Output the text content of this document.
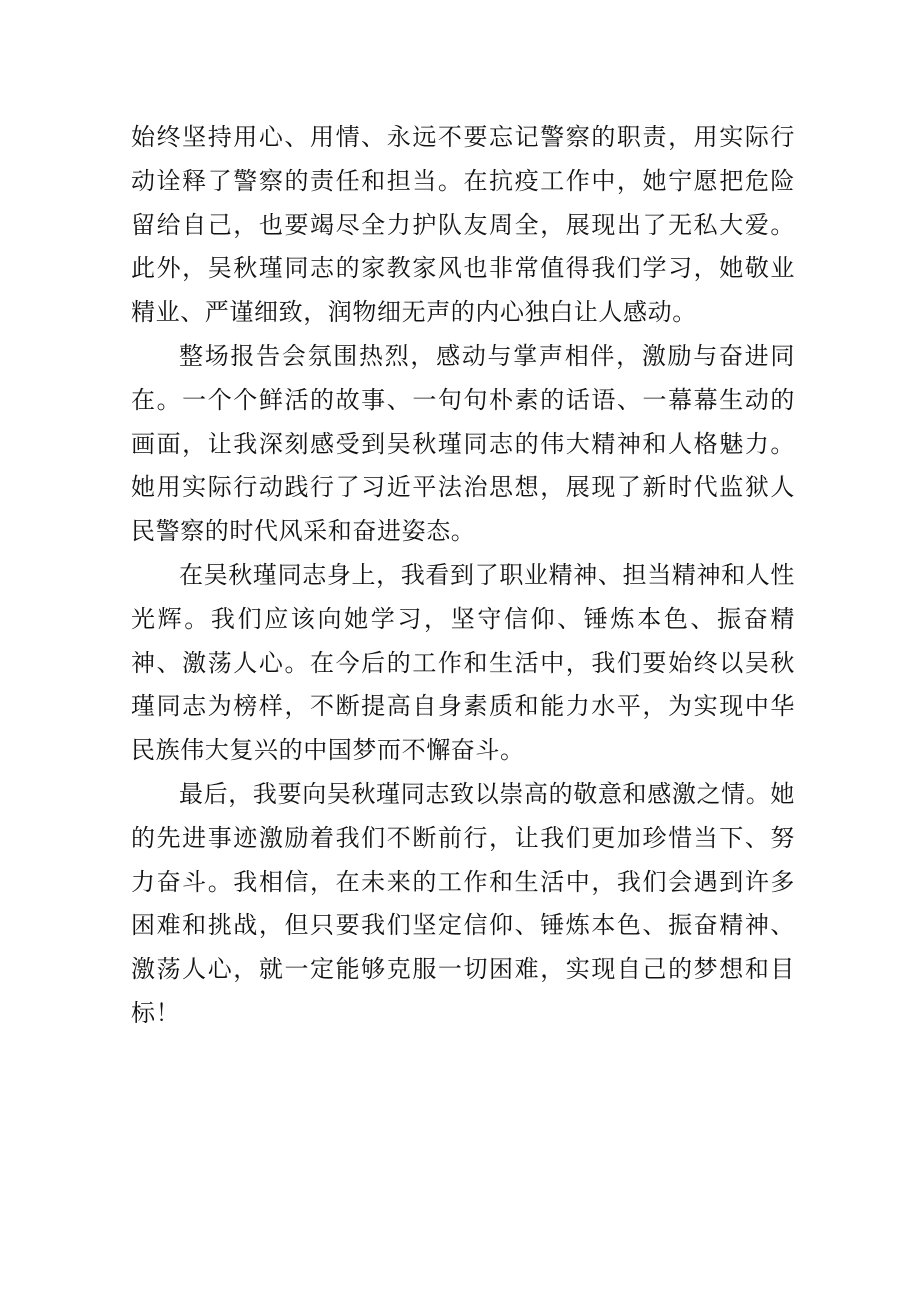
始终坚持用心、用情、永远不要忘记警察的职责，用实际行动诠释了警察的责任和担当。在抗疫工作中，她宁愿把危险留给自己，也要竭尽全力护队友周全，展现出了无私大爱。此外，吴秋瑾同志的家教家风也非常值得我们学习，她敬业精业、严谨细致，润物细无声的内心独白让人感动。

整场报告会氛围热烈，感动与掌声相伴，激励与奋进同在。一个个鲜活的故事、一句句朴素的话语、一幕幕生动的画面，让我深刻感受到吴秋瑾同志的伟大精神和人格魅力。她用实际行动践行了习近平法治思想，展现了新时代监狱人民警察的时代风采和奋进姿态。

在吴秋瑾同志身上，我看到了职业精神、担当精神和人性光辉。我们应该向她学习，坚守信仰、锤炼本色、振奋精神、激荡人心。在今后的工作和生活中，我们要始终以吴秋瑾同志为榜样，不断提高自身素质和能力水平，为实现中华民族伟大复兴的中国梦而不懈奋斗。

最后，我要向吴秋瑾同志致以崇高的敬意和感激之情。她的先进事迹激励着我们不断前行，让我们更加珍惜当下、努力奋斗。我相信，在未来的工作和生活中，我们会遇到许多困难和挑战，但只要我们坚定信仰、锤炼本色、振奋精神、激荡人心，就一定能够克服一切困难，实现自己的梦想和目标！
